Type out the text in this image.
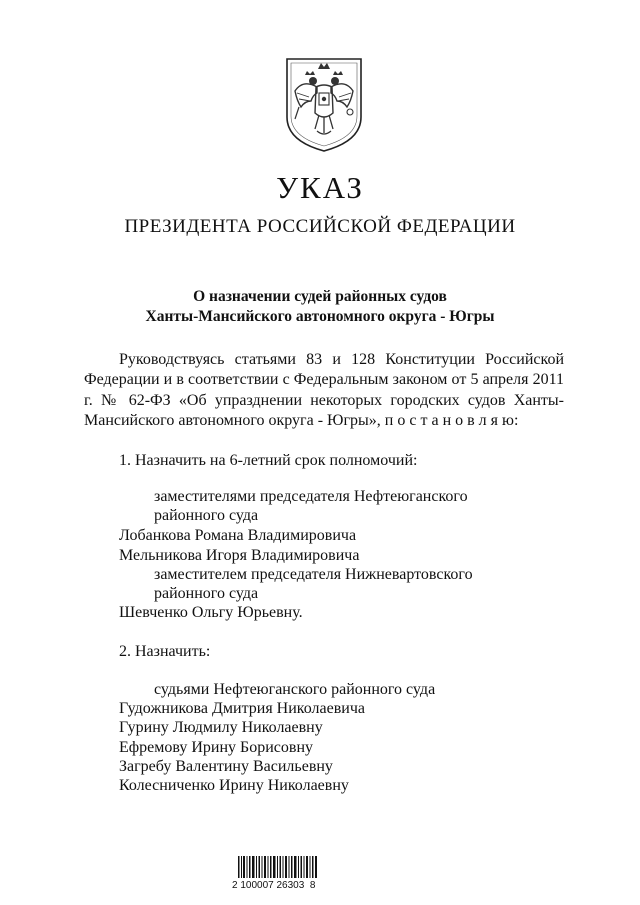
УКАЗ
ПРЕЗИДЕНТА РОССИЙСКОЙ ФЕДЕРАЦИИ
О назначении судей районных судов
Ханты-Мансийского автономного округа - Югры
Руководствуясь статьями 83 и 128 Конституции Российской Федерации и в соответствии с Федеральным законом от 5 апреля 2011 г. № 62-ФЗ «Об упразднении некоторых городских судов Ханты-Мансийского автономного округа - Югры», п о с т а н о в л я ю:
1. Назначить на 6-летний срок полномочий:
заместителями председателя Нефтеюганского
районного суда
Лобанкова Романа Владимировича
Мельникова Игоря Владимировича
заместителем председателя Нижневартовского
районного суда
Шевченко Ольгу Юрьевну.
2. Назначить:
судьями Нефтеюганского районного суда
Гудожникова Дмитрия Николаевича
Гурину Людмилу Николаевну
Ефремову Ирину Борисовну
Загребу Валентину Васильевну
Колесниченко Ирину Николаевну
2 100007 26303  8
